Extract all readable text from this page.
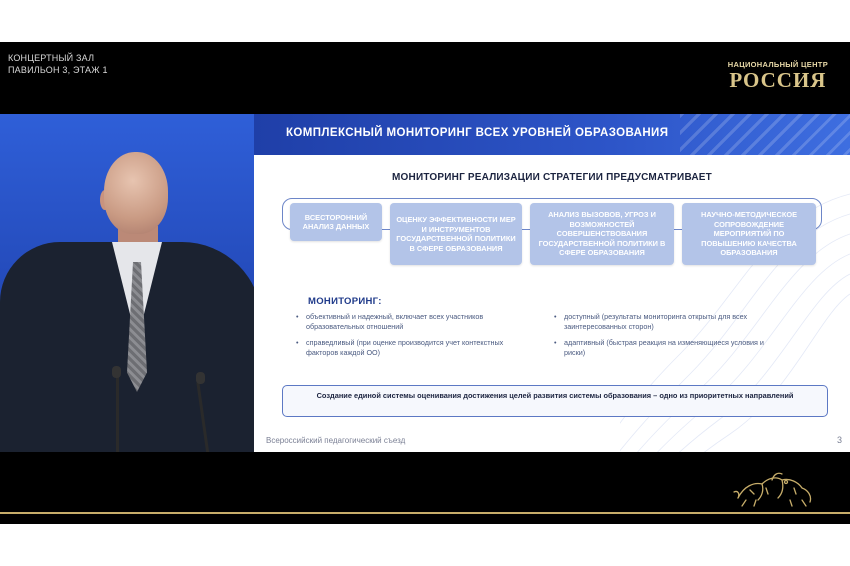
КОНЦЕРТНЫЙ ЗАЛ
ПАВИЛЬОН 3, ЭТАЖ 1
НАЦИОНАЛЬНЫЙ ЦЕНТР
РОССИЯ
КОМПЛЕКСНЫЙ МОНИТОРИНГ ВСЕХ УРОВНЕЙ ОБРАЗОВАНИЯ
МОНИТОРИНГ РЕАЛИЗАЦИИ СТРАТЕГИИ ПРЕДУСМАТРИВАЕТ
ВСЕСТОРОННИЙ АНАЛИЗ ДАННЫХ
ОЦЕНКУ ЭФФЕКТИВНОСТИ МЕР И ИНСТРУМЕНТОВ ГОСУДАРСТВЕННОЙ ПОЛИТИКИ В СФЕРЕ ОБРАЗОВАНИЯ
АНАЛИЗ ВЫЗОВОВ, УГРОЗ И ВОЗМОЖНОСТЕЙ СОВЕРШЕНСТВОВАНИЯ ГОСУДАРСТВЕННОЙ ПОЛИТИКИ В СФЕРЕ ОБРАЗОВАНИЯ
НАУЧНО-МЕТОДИЧЕСКОЕ СОПРОВОЖДЕНИЕ МЕРОПРИЯТИЙ ПО ПОВЫШЕНИЮ КАЧЕСТВА ОБРАЗОВАНИЯ
МОНИТОРИНГ:
• объективный и надежный, включает всех участников образовательных отношений
• справедливый (при оценке производится учет контекстных факторов каждой ОО)
• доступный (результаты мониторинга открыты для всех заинтересованных сторон)
• адаптивный (быстрая реакция на изменяющиеся условия и риски)
Создание единой системы оценивания достижения целей развития системы образования – одно из приоритетных направлений
Всероссийский педагогический съезд	3
